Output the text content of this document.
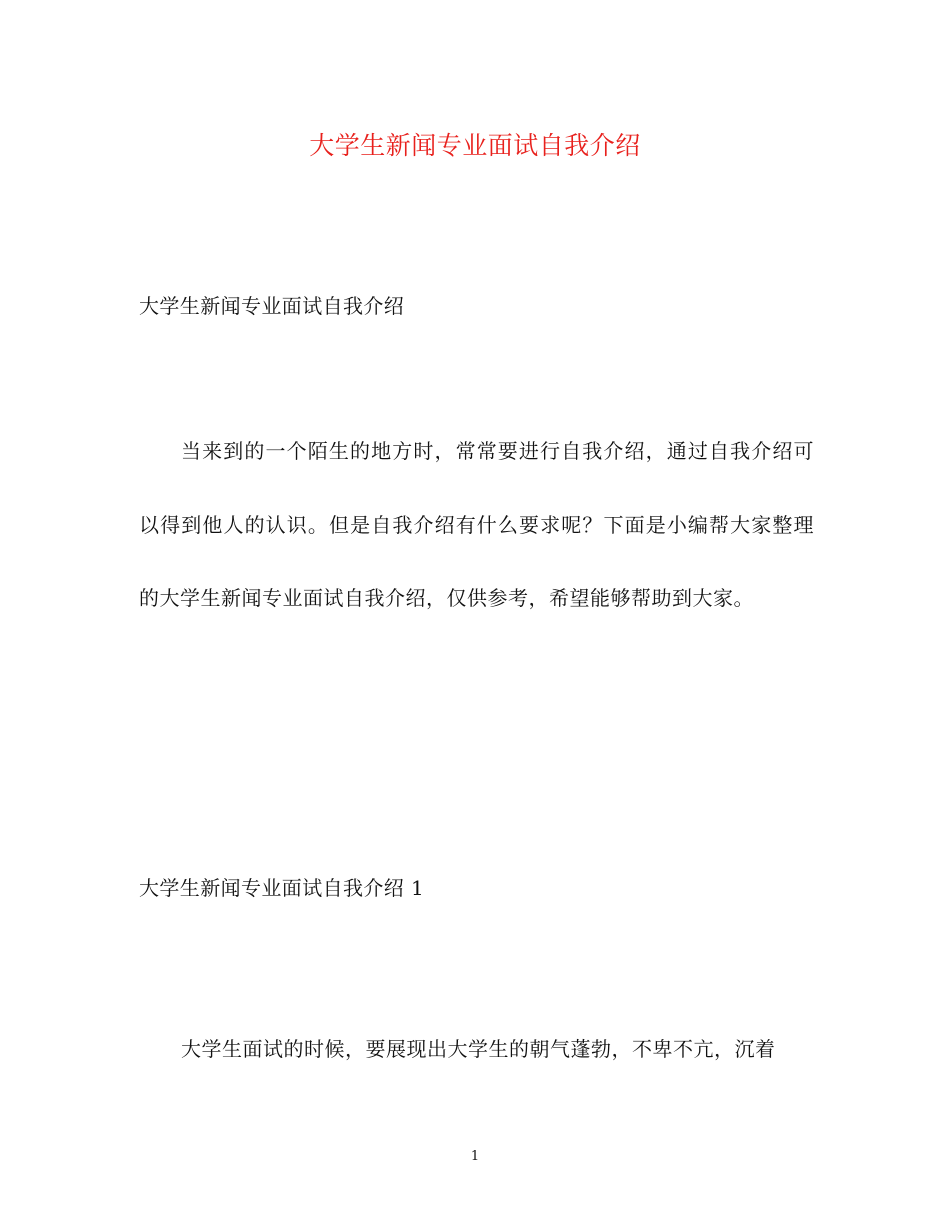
大学生新闻专业面试自我介绍

大学生新闻专业面试自我介绍

当来到的一个陌生的地方时，常常要进行自我介绍，通过自我介绍可以得到他人的认识。但是自我介绍有什么要求呢？下面是小编帮大家整理的大学生新闻专业面试自我介绍，仅供参考，希望能够帮助到大家。

大学生新闻专业面试自我介绍 1

大学生面试的时候，要展现出大学生的朝气蓬勃，不卑不亢，沉着

1
